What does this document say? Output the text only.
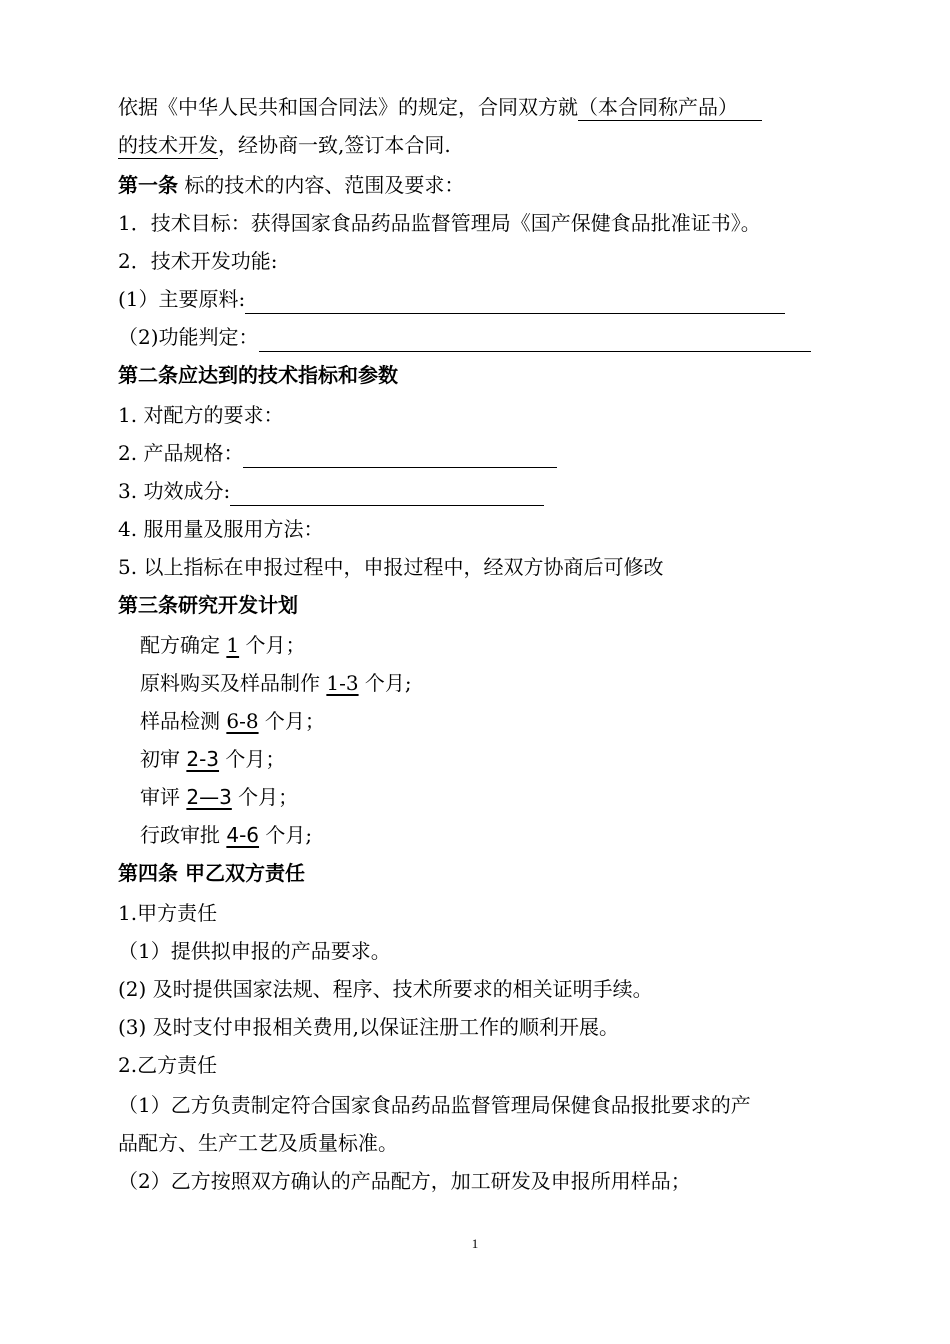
依据《中华人民共和国合同法》的规定，合同双方就（本合同称产品）
的技术开发，经协商一致,签订本合同.
第一条 标的技术的内容、范围及要求：
1．技术目标：获得国家食品药品监督管理局《国产保健食品批准证书》。
2．技术开发功能:
(1）主要原料:
（2)功能判定：
第二条应达到的技术指标和参数
1. 对配方的要求：
2. 产品规格：
3. 功效成分:
4. 服用量及服用方法：
5. 以上指标在申报过程中，申报过程中，经双方协商后可修改
第三条研究开发计划
配方确定 1 个月；
原料购买及样品制作 1-3 个月;
样品检测 6-8 个月；
初审 2-3 个月；
审评 2—3 个月；
行政审批 4-6 个月;
第四条 甲乙双方责任
1.甲方责任
（1）提供拟申报的产品要求。
(2) 及时提供国家法规、程序、技术所要求的相关证明手续。
(3) 及时支付申报相关费用,以保证注册工作的顺利开展。
2.乙方责任
（1）乙方负责制定符合国家食品药品监督管理局保健食品报批要求的产
品配方、生产工艺及质量标准。
（2）乙方按照双方确认的产品配方，加工研发及申报所用样品；
1
